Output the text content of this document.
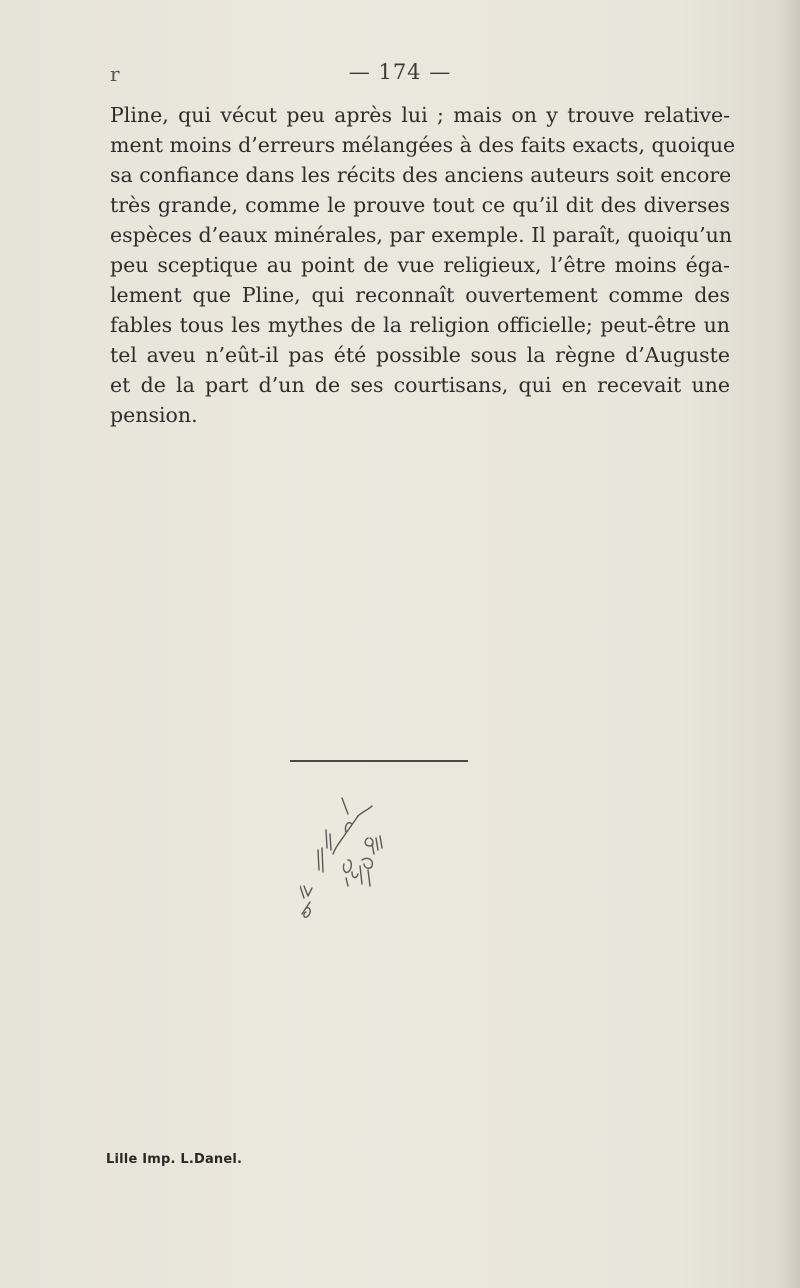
r	— 174 —
Pline, qui vécut peu après lui ; mais on y trouve relative-
ment moins d’erreurs mélangées à des faits exacts, quoique
sa confiance dans les récits des anciens auteurs soit encore
très grande, comme le prouve tout ce qu’il dit des diverses
espèces d’eaux minérales, par exemple. Il paraît, quoiqu’un
peu sceptique au point de vue religieux, l’être moins éga-
lement que Pline, qui reconnaît ouvertement comme des
fables tous les mythes de la religion officielle; peut-être un
tel aveu n’eût-il pas été possible sous la règne d’Auguste
et de la part d’un de ses courtisans, qui en recevait une
pension.
Lille Imp. L.Danel.
